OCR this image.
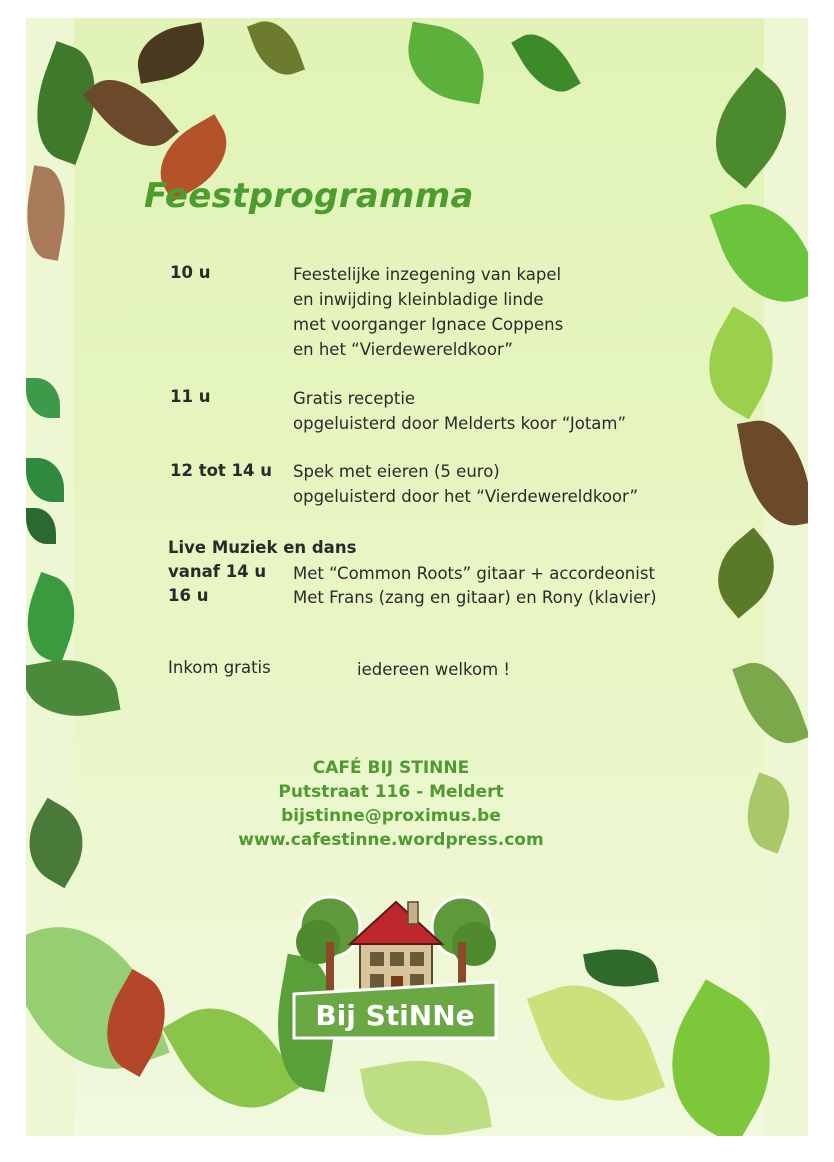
Feestprogramma
10 u	Feestelijke inzegening van kapel
en inwijding kleinbladige linde
met voorganger Ignace Coppens
en het “Vierdewereldkoor”
11 u	Gratis receptie
opgeluisterd door Melderts koor “Jotam”
12 tot 14 u Spek met eieren (5 euro)
opgeluisterd door het “Vierdewereldkoor”
Live Muziek en dans
vanaf 14 u Met “Common Roots” gitaar + accordeonist
16 u	Met Frans (zang en gitaar) en Rony (klavier)
Inkom gratis	iedereen welkom !
CAFÉ BIJ STINNE
Putstraat 116 - Meldert
bijstinne@proximus.be
www.cafestinne.wordpress.com
Bij StiNNe
